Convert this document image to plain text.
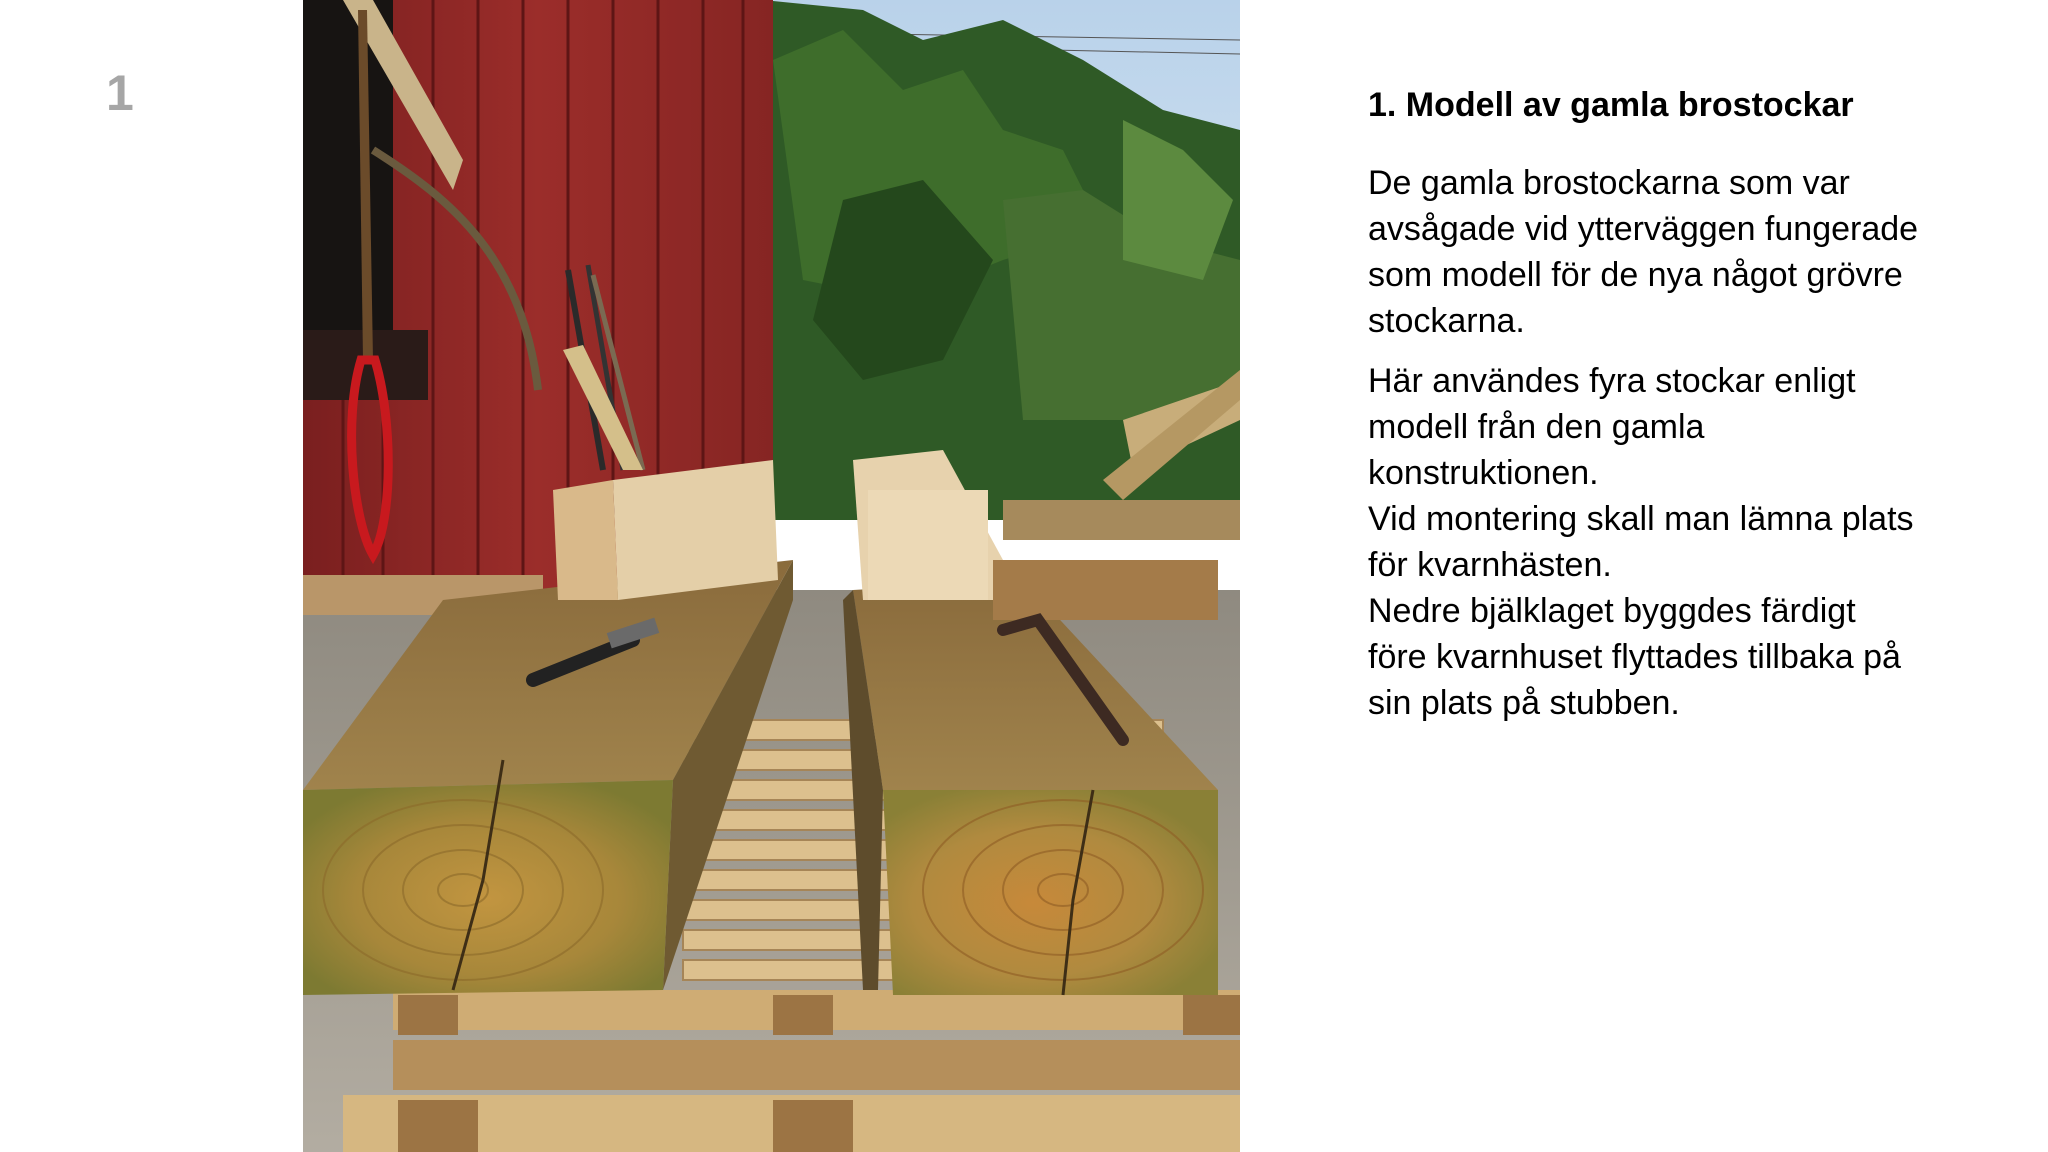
1	1. Modell av gamla brostockar
De gamla brostockarna som var
avsågade vid ytterväggen fungerade
som modell för de nya något grövre
stockarna.
Här användes fyra stockar enligt
modell från den gamla
konstruktionen.
Vid montering skall man lämna plats
för kvarnhästen.
Nedre bjälklaget byggdes färdigt
före kvarnhuset flyttades tillbaka på
sin plats på stubben.
